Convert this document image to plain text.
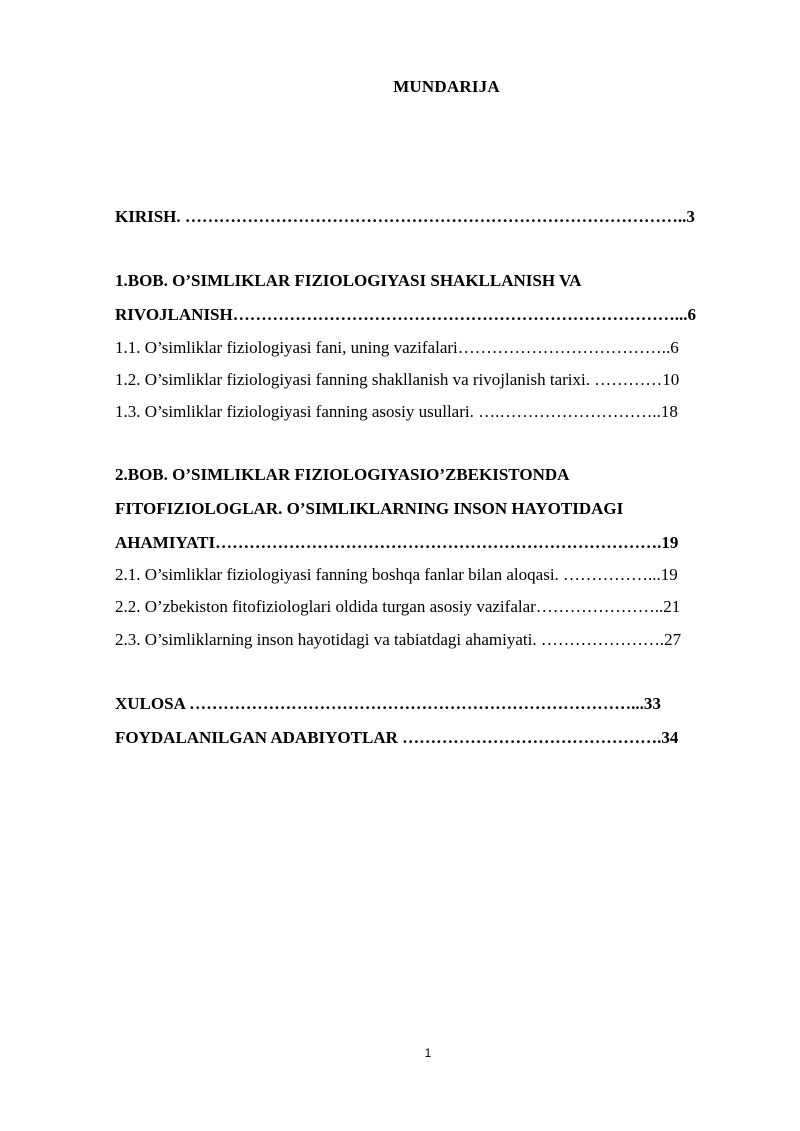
MUNDARIJA
KIRISH. ……………………………………………………………………………..3
1.BOB. O’SIMLIKLAR FIZIOLOGIYASI SHAKLLANISH VA
RIVOJLANISH……………………………………………………………………...6
1.1. O’simliklar fiziologiyasi fani, uning vazifalari………………………………..6
1.2. O’simliklar fiziologiyasi fanning shakllanish va rivojlanish tarixi. …………10
1.3. O’simliklar fiziologiyasi fanning asosiy usullari. ….………………………..18
2.BOB. O’SIMLIKLAR FIZIOLOGIYASIO’ZBEKISTONDA
FITOFIZIOLOGLAR. O’SIMLIKLARNING INSON HAYOTIDAGI
AHAMIYATI…………………………………………………………………….19
2.1. O’simliklar fiziologiyasi fanning boshqa fanlar bilan aloqasi. ……………...19
2.2. O’zbekiston fitofiziologlari oldida turgan asosiy vazifalar…………………..21
2.3. O’simliklarning inson hayotidagi va tabiatdagi ahamiyati. ………………….27
XULOSA ……………………………………………………………………...33
FOYDALANILGAN ADABIYOTLAR ……………………………………….34
1
